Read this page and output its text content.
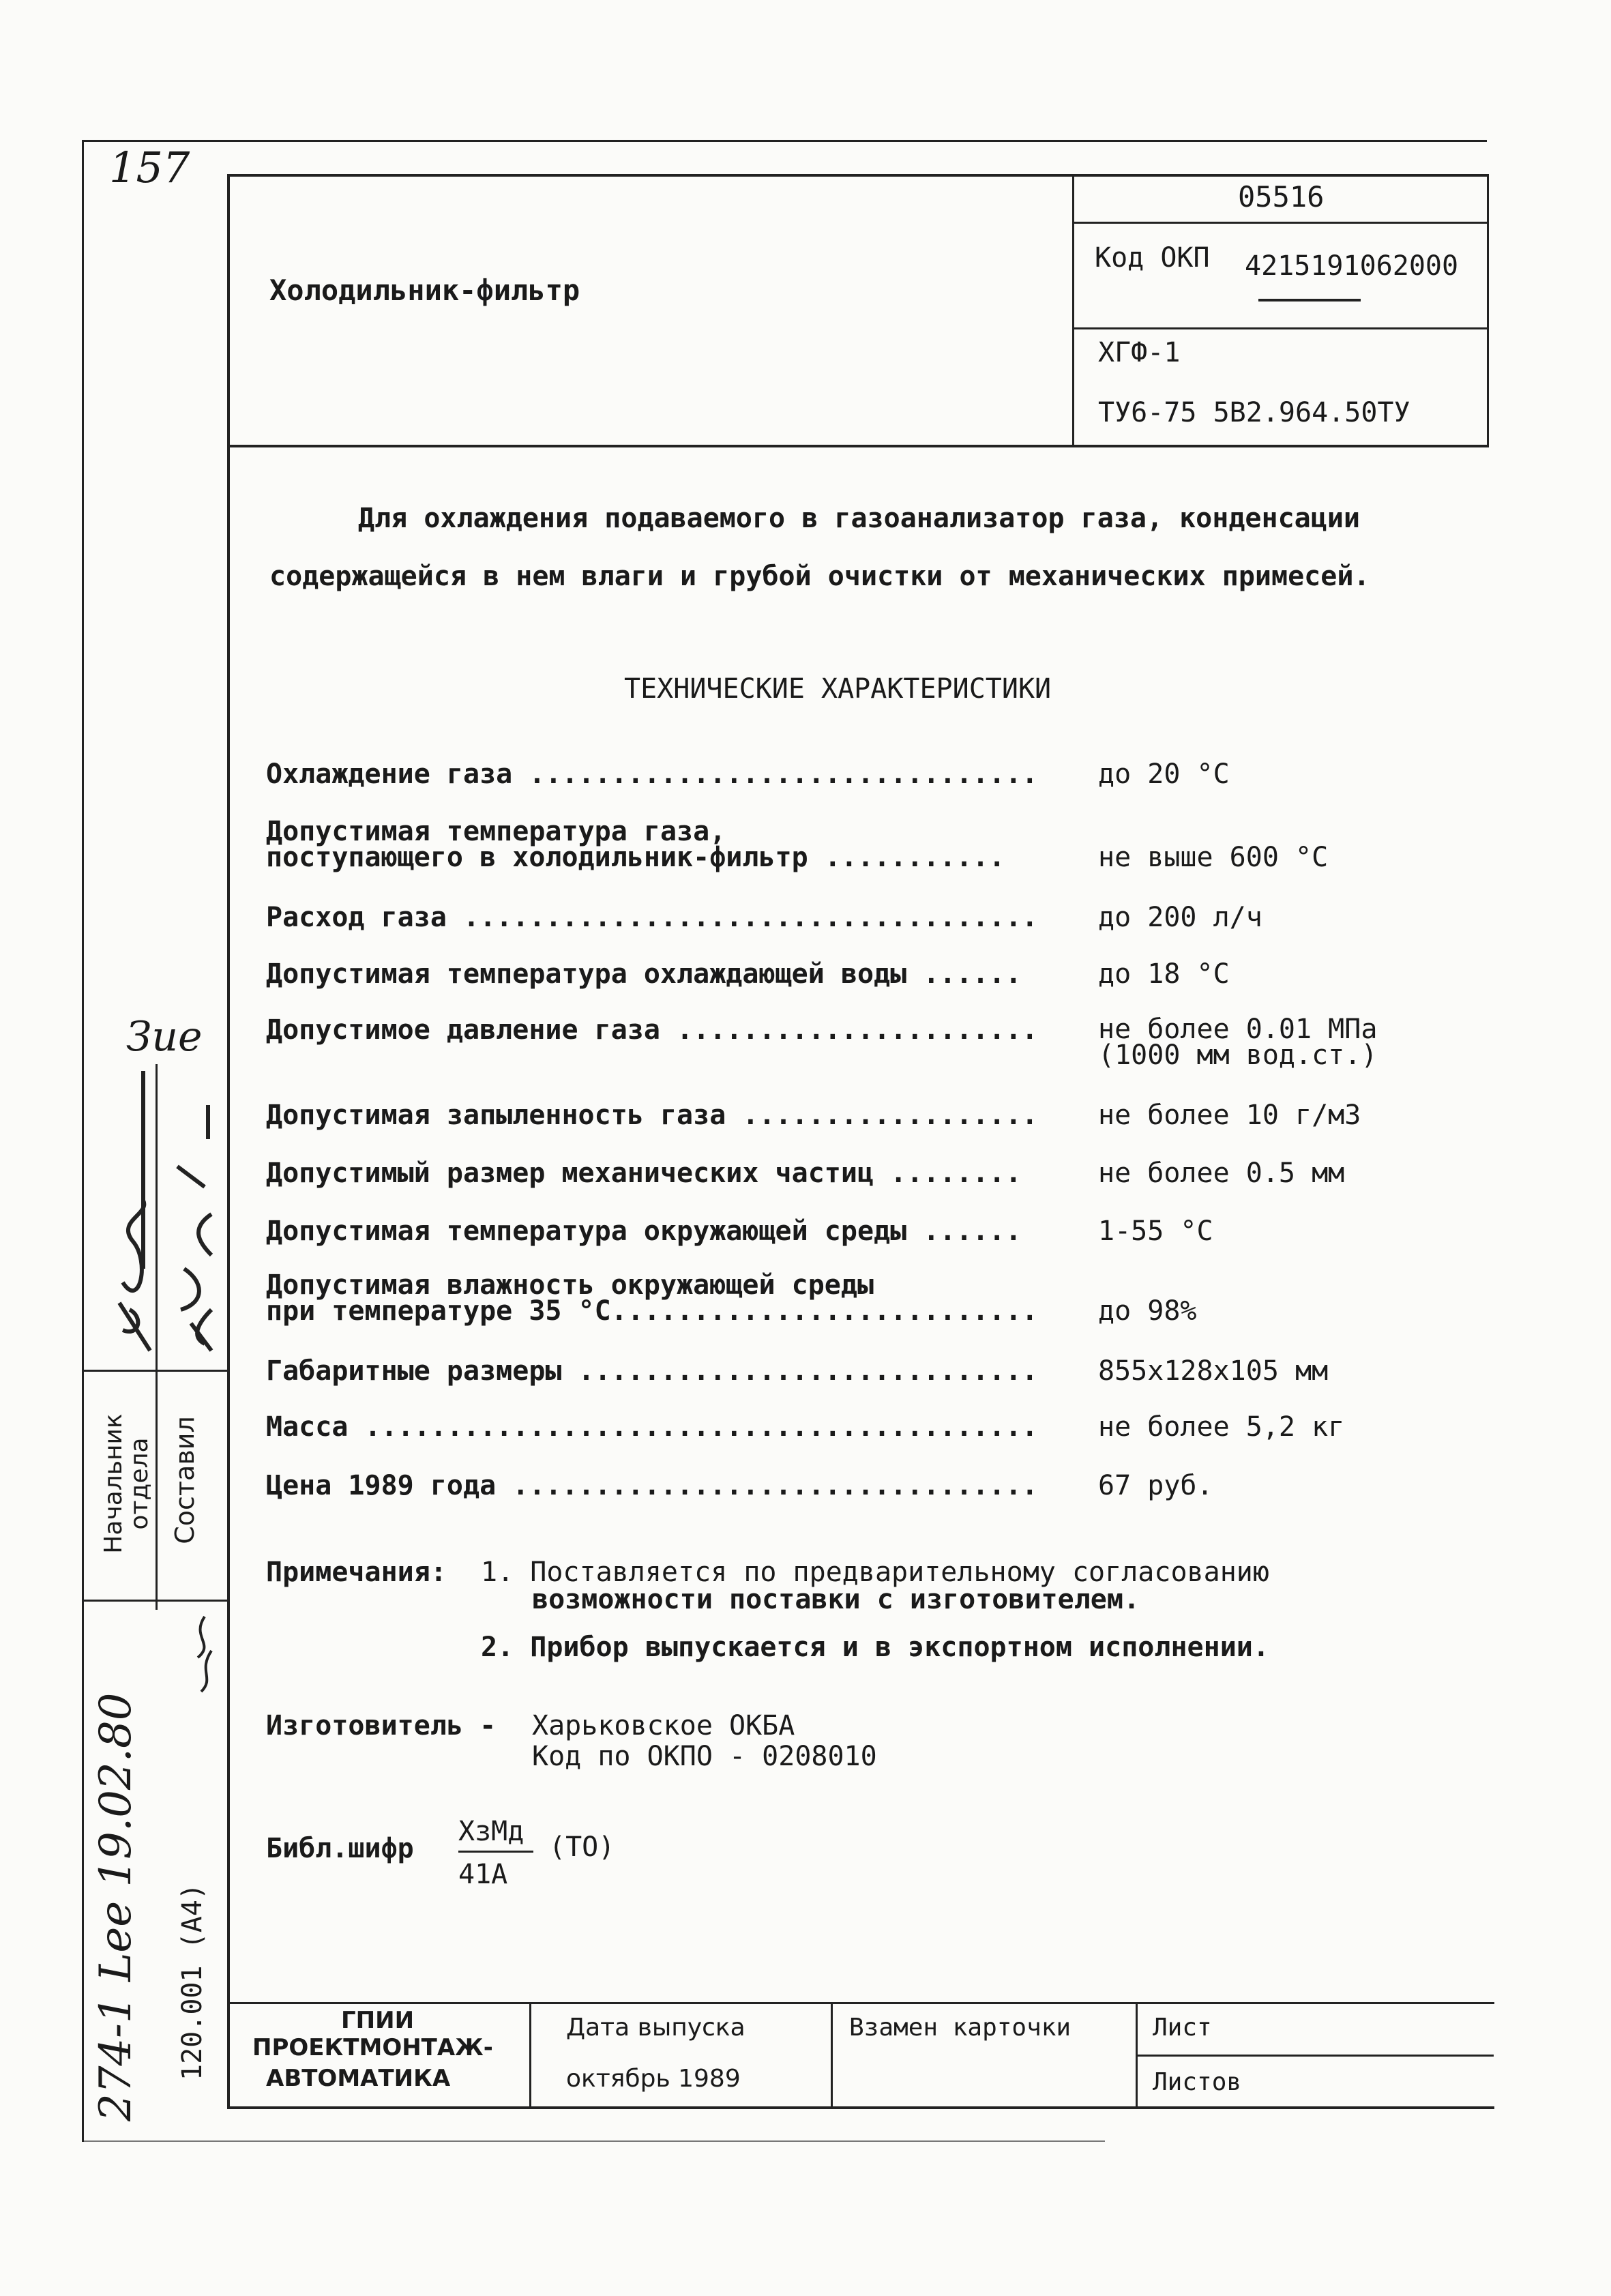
Холодильник-фильтр
05516
Код ОКП 4215191062000
ХГФ-1
ТУ6-75 5В2.964.50ТУ
157
Зuе
Начальник
отдела Составил
274-1 Lee 19.02.80 120.001 (А4)
Для охлаждения подаваемого в газоанализатор газа, конденсации
содержащейся в нем влаги и грубой очистки от механических примесей.
ТЕХНИЧЕСКИЕ ХАРАКТЕРИСТИКИ
Охлаждение газа ............................... до 20 °С
Допустимая температура газа,
поступающего в холодильник-фильтр ...........	
не выше 600 °С
Расход газа ................................... до 200 л/ч
Допустимая температура охлаждающей воды ......	до 18 °С
Допустимое давление газа ...................... не более 0.01 МПа
(1000 мм вод.ст.)
Допустимая запыленность газа .................. не более 10 г/м3
Допустимый размер механических частиц ........	не более 0.5 мм
Допустимая температура окружающей среды ......	1-55 °С
Допустимая влажность окружающей среды
при температуре 35 °С..........................
до 98%
Габаритные размеры ............................ 855х128х105 мм
Масса ......................................... не более 5,2 кг
Цена 1989 года ................................ 67 руб.
Примечания: 1. Поставляется по предварительному согласованию
возможности поставки с изготовителем.
2. Прибор выпускается и в экспортном исполнении.
Изготовитель - Харьковское ОКБА
Код по ОКПО - 0208010
Библ.шифр
ХзМд
41А
(ТО)
ГПИИ
ПРОЕКТМОНТАЖ-
АВТОМАТИКА
Дата выпуска
октябрь 1989
Взамен карточки	Лист
Листов
